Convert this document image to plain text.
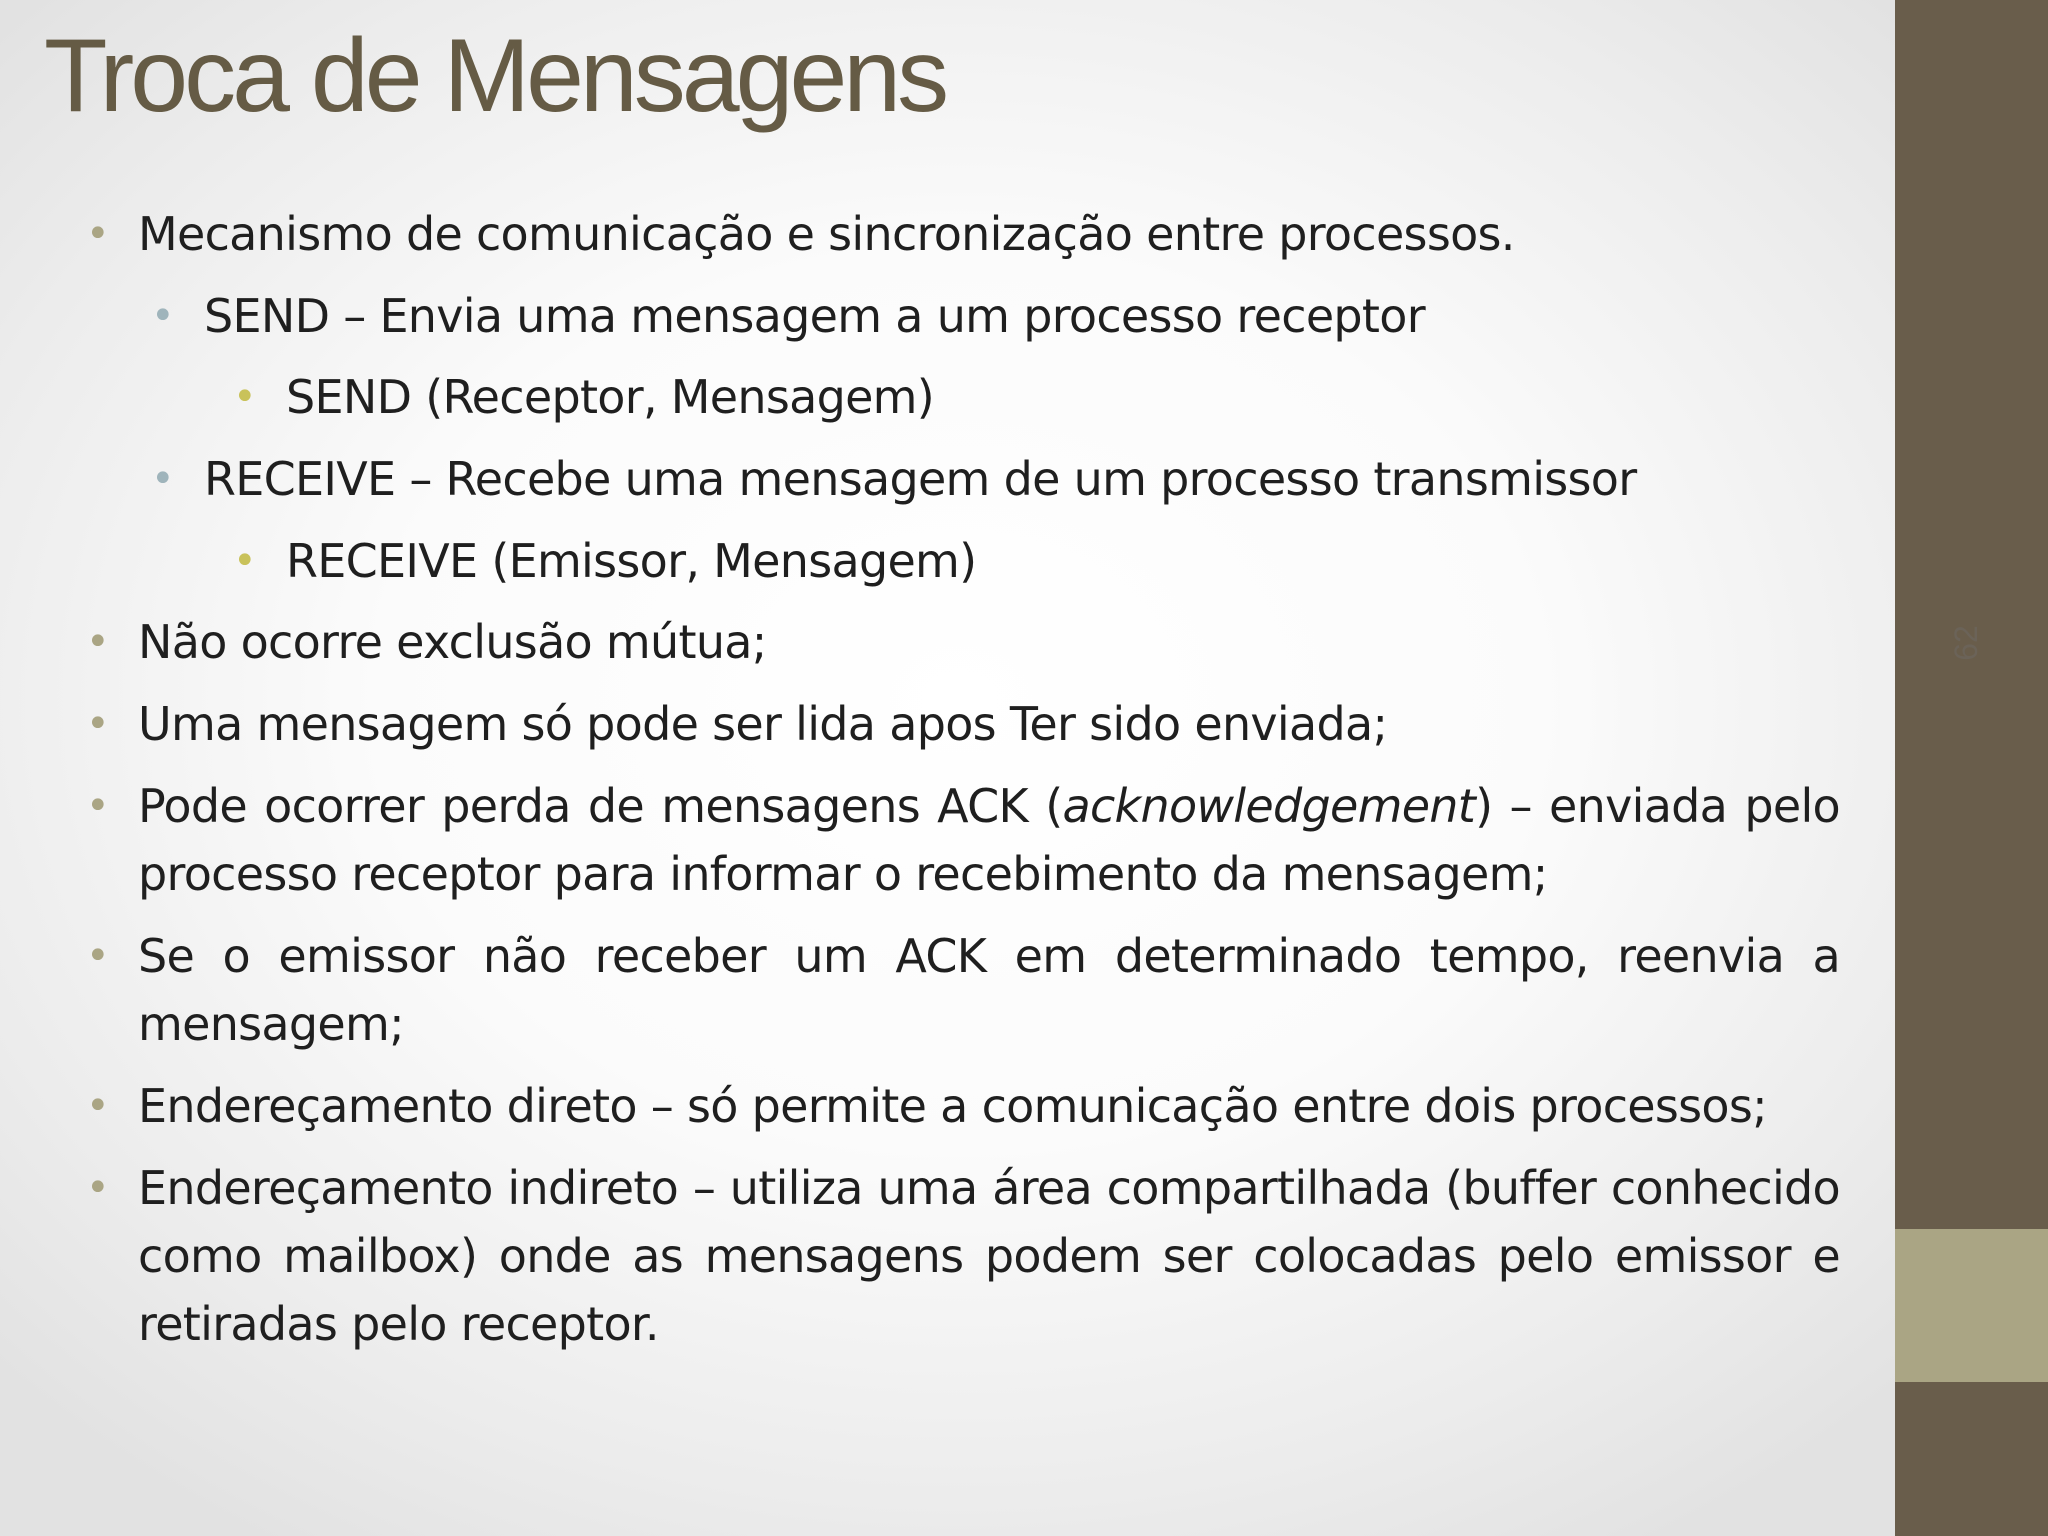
62
Troca de Mensagens
• Mecanismo de comunicação e sincronização entre processos.
• SEND – Envia uma mensagem a um processo receptor
• SEND (Receptor, Mensagem)
• RECEIVE – Recebe uma mensagem de um processo transmissor
• RECEIVE (Emissor, Mensagem)
• Não ocorre exclusão mútua;
• Uma mensagem só pode ser lida apos Ter sido enviada;
• Pode ocorrer perda de mensagens ACK (acknowledgement) – enviada pelo processo receptor para informar o recebimento da mensagem;
• Se o emissor não receber um ACK em determinado tempo, reenvia a mensagem;
• Endereçamento direto – só permite a comunicação entre dois processos;
• Endereçamento indireto – utiliza uma área compartilhada (buffer conhecido como mailbox) onde as mensagens podem ser colocadas pelo emissor e retiradas pelo receptor.
